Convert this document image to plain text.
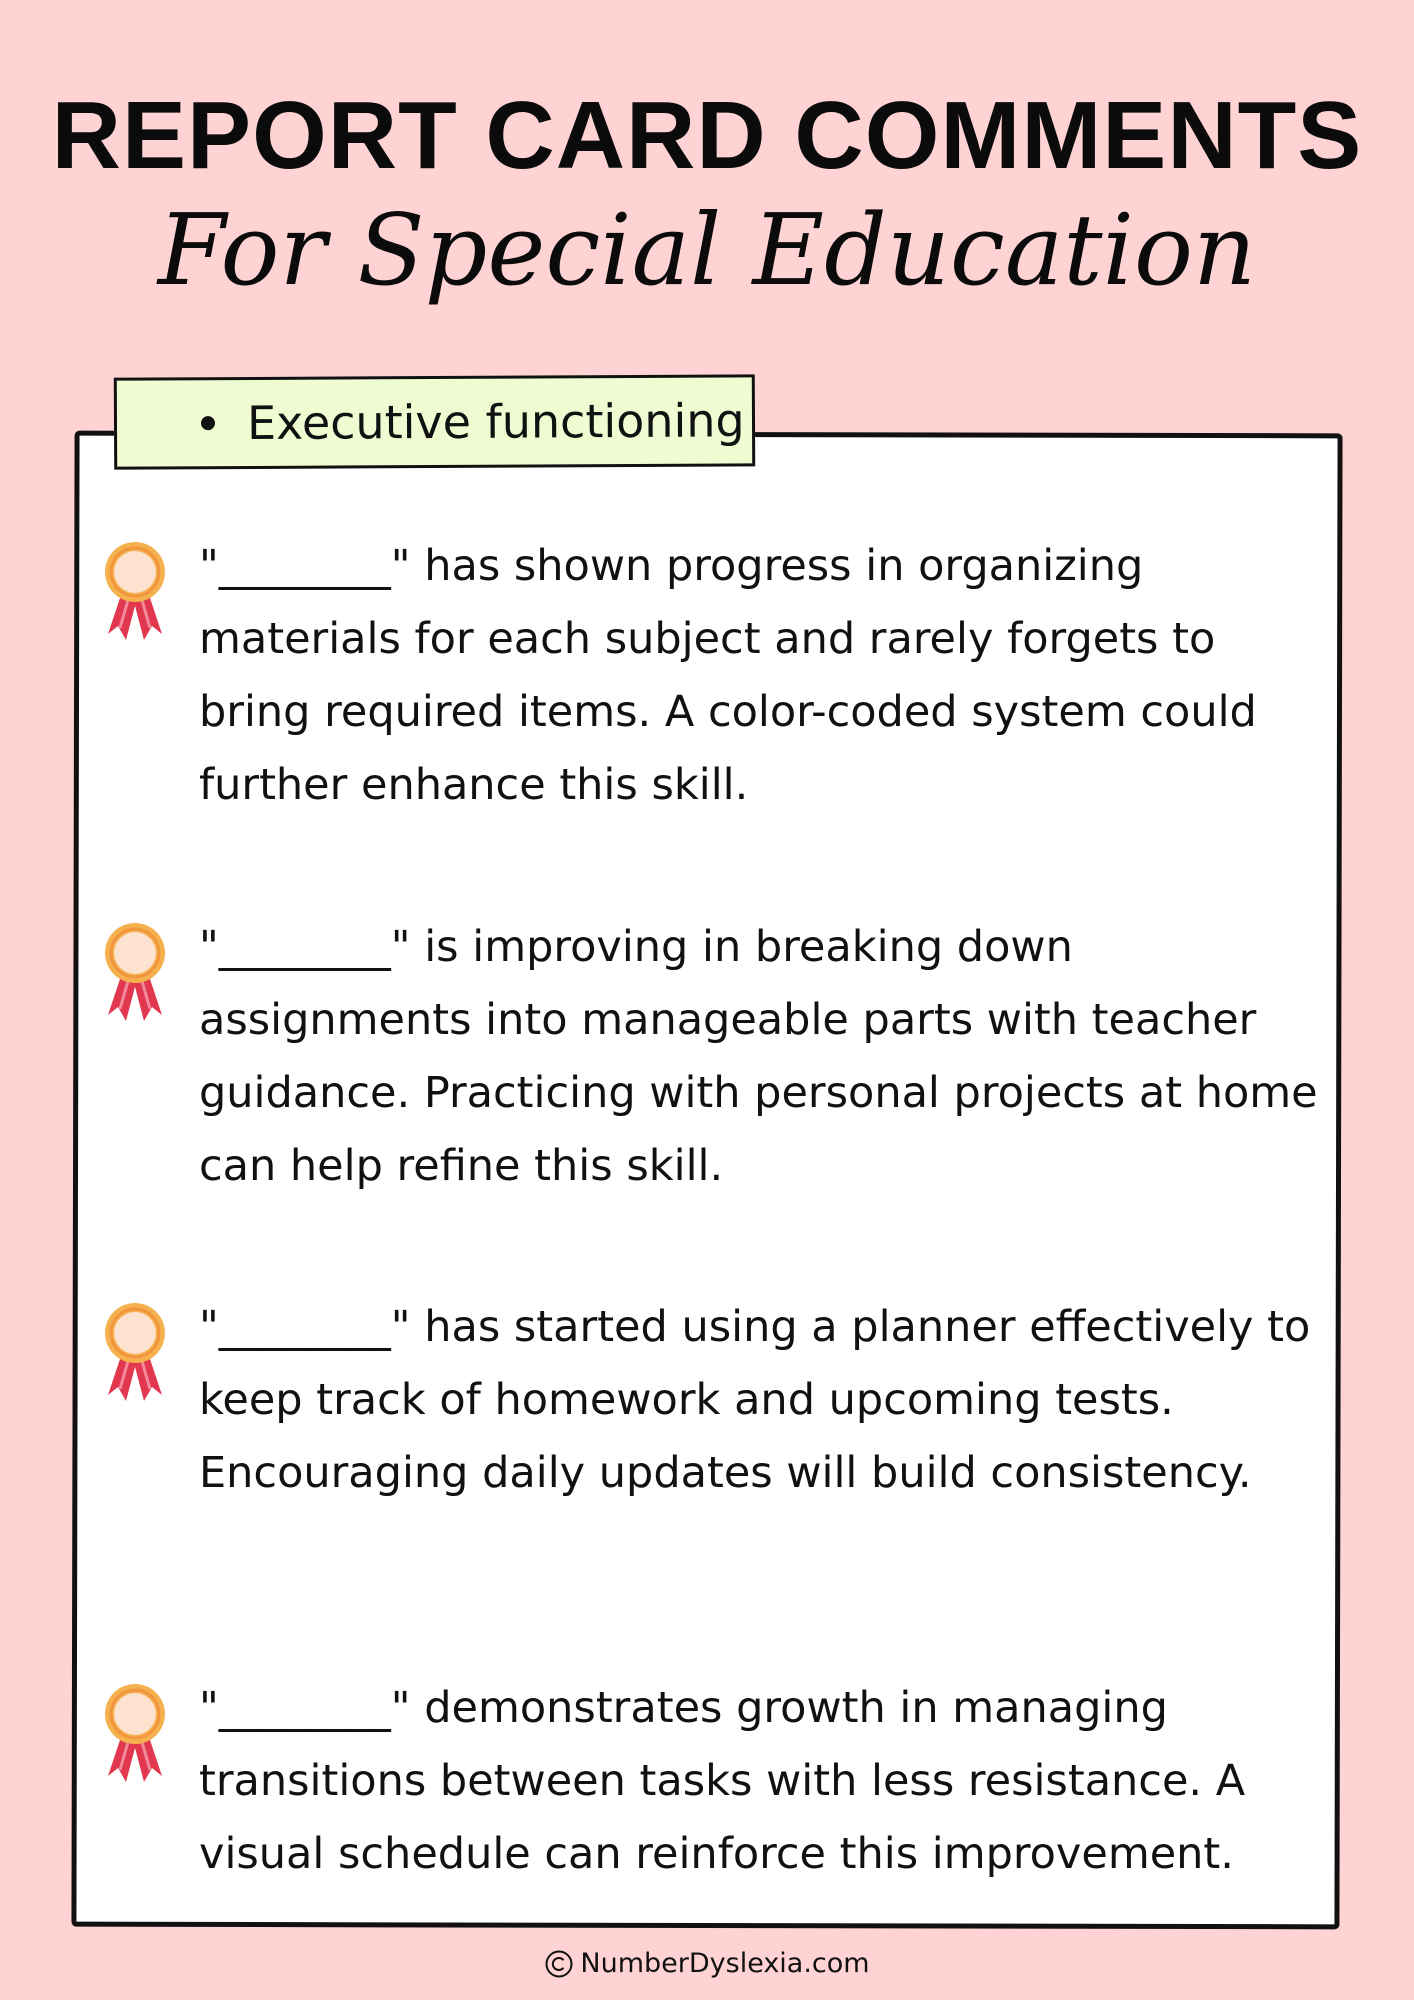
REPORT CARD COMMENTS
For Special Education
Executive functioning

"________" has shown progress in organizing materials for each subject and rarely forgets to bring required items. A color-coded system could further enhance this skill.

"________" is improving in breaking down assignments into manageable parts with teacher guidance. Practicing with personal projects at home can help refine this skill.

"________" has started using a planner effectively to keep track of homework and upcoming tests. Encouraging daily updates will build consistency.

"________" demonstrates growth in managing transitions between tasks with less resistance. A visual schedule can reinforce this improvement.

NumberDyslexia.com
